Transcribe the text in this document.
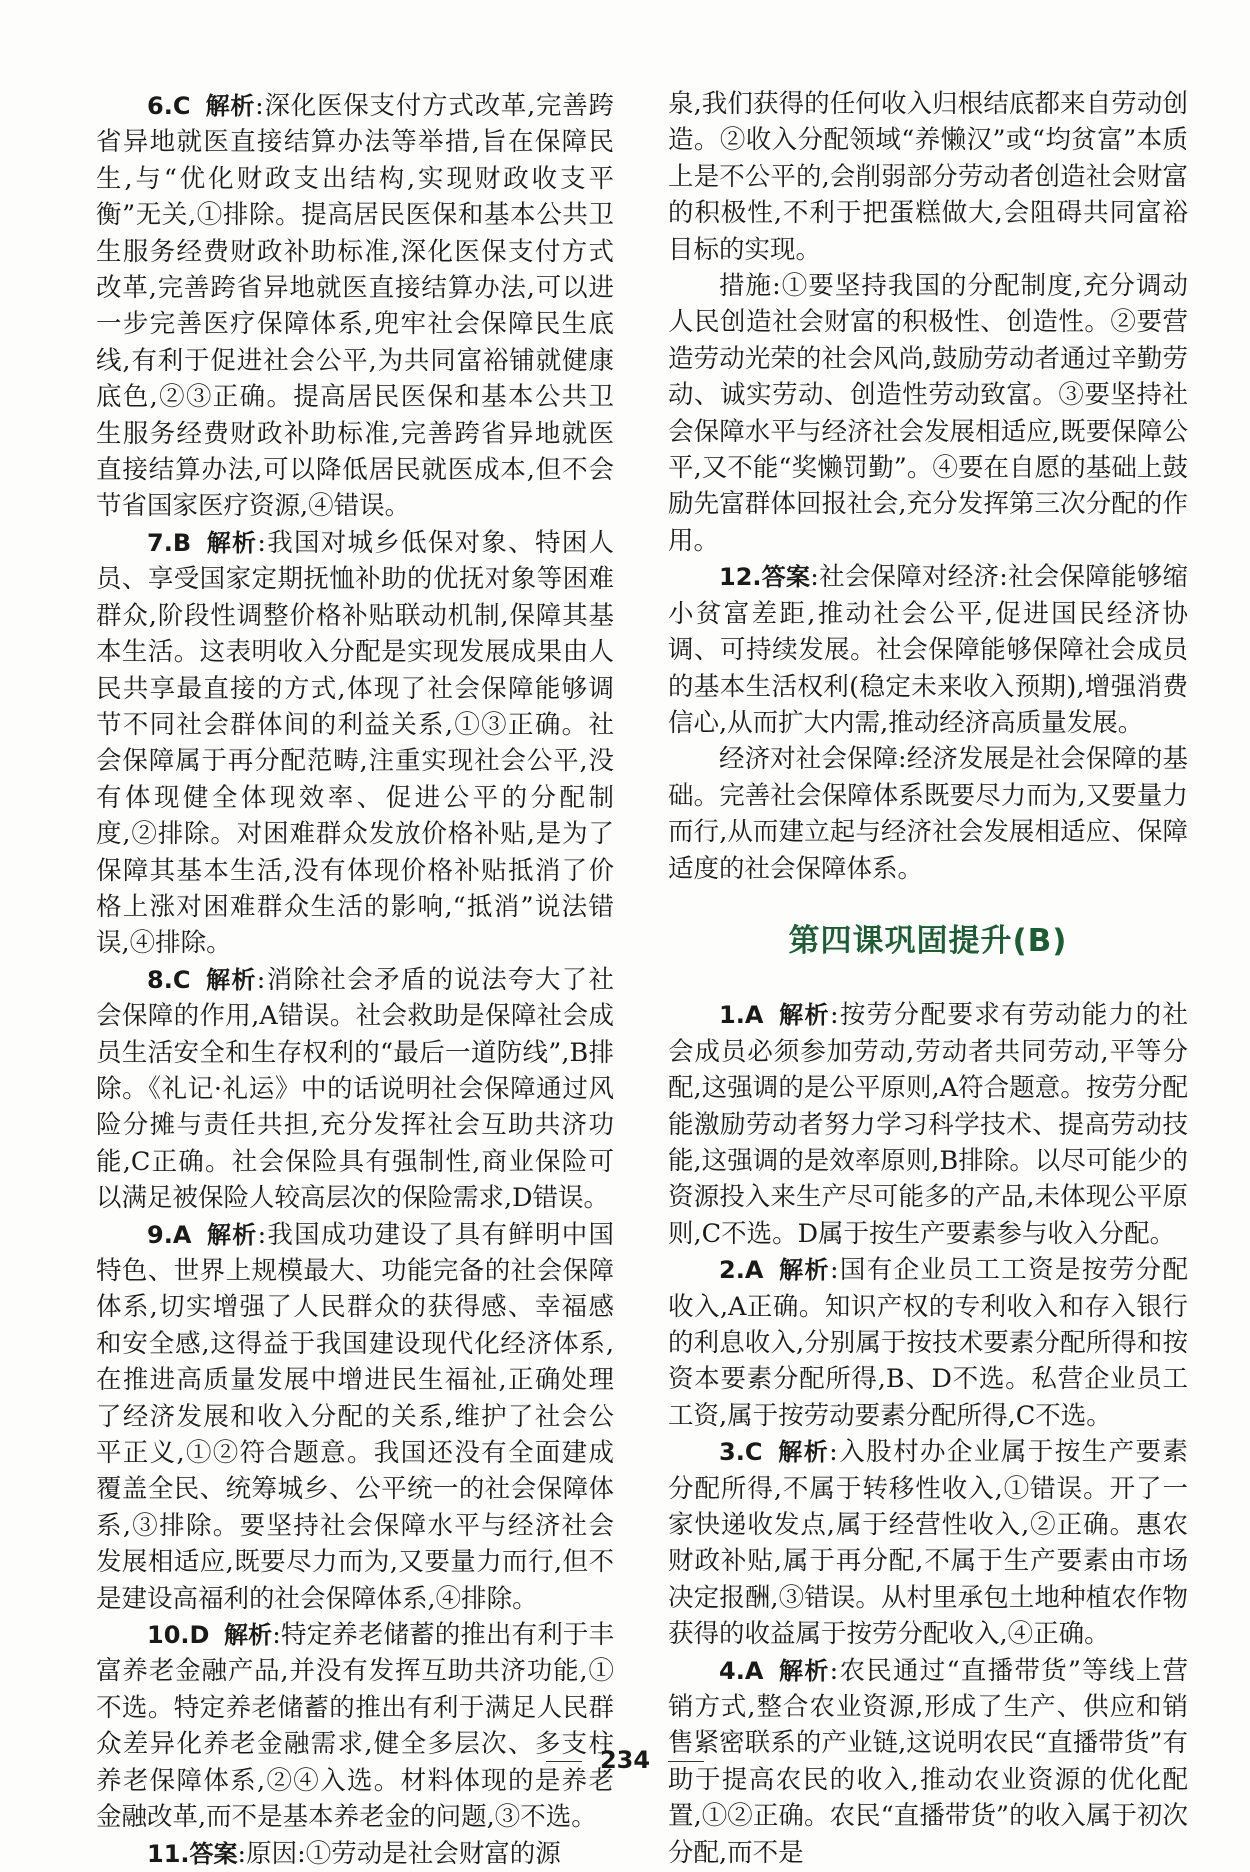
6.C 解析:深化医保支付方式改革,完善跨省异地就医直接结算办法等举措,旨在保障民生,与“优化财政支出结构,实现财政收支平衡”无关,①排除。提高居民医保和基本公共卫生服务经费财政补助标准,深化医保支付方式改革,完善跨省异地就医直接结算办法,可以进一步完善医疗保障体系,兜牢社会保障民生底线,有利于促进社会公平,为共同富裕铺就健康底色,②③正确。提高居民医保和基本公共卫生服务经费财政补助标准,完善跨省异地就医直接结算办法,可以降低居民就医成本,但不会节省国家医疗资源,④错误。

7.B 解析:我国对城乡低保对象、特困人员、享受国家定期抚恤补助的优抚对象等困难群众,阶段性调整价格补贴联动机制,保障其基本生活。这表明收入分配是实现发展成果由人民共享最直接的方式,体现了社会保障能够调节不同社会群体间的利益关系,①③正确。社会保障属于再分配范畴,注重实现社会公平,没有体现健全体现效率、促进公平的分配制度,②排除。对困难群众发放价格补贴,是为了保障其基本生活,没有体现价格补贴抵消了价格上涨对困难群众生活的影响,“抵消”说法错误,④排除。

8.C 解析:消除社会矛盾的说法夸大了社会保障的作用,A错误。社会救助是保障社会成员生活安全和生存权利的“最后一道防线”,B排除。《礼记·礼运》中的话说明社会保障通过风险分摊与责任共担,充分发挥社会互助共济功能,C正确。社会保险具有强制性,商业保险可以满足被保险人较高层次的保险需求,D错误。

9.A 解析:我国成功建设了具有鲜明中国特色、世界上规模最大、功能完备的社会保障体系,切实增强了人民群众的获得感、幸福感和安全感,这得益于我国建设现代化经济体系,在推进高质量发展中增进民生福祉,正确处理了经济发展和收入分配的关系,维护了社会公平正义,①②符合题意。我国还没有全面建成覆盖全民、统筹城乡、公平统一的社会保障体系,③排除。要坚持社会保障水平与经济社会发展相适应,既要尽力而为,又要量力而行,但不是建设高福利的社会保障体系,④排除。

10.D 解析:特定养老储蓄的推出有利于丰富养老金融产品,并没有发挥互助共济功能,①不选。特定养老储蓄的推出有利于满足人民群众差异化养老金融需求,健全多层次、多支柱养老保障体系,②④入选。材料体现的是养老金融改革,而不是基本养老金的问题,③不选。

11.答案:原因:①劳动是社会财富的源

泉,我们获得的任何收入归根结底都来自劳动创造。②收入分配领域“养懒汉”或“均贫富”本质上是不公平的,会削弱部分劳动者创造社会财富的积极性,不利于把蛋糕做大,会阻碍共同富裕目标的实现。

措施:①要坚持我国的分配制度,充分调动人民创造社会财富的积极性、创造性。②要营造劳动光荣的社会风尚,鼓励劳动者通过辛勤劳动、诚实劳动、创造性劳动致富。③要坚持社会保障水平与经济社会发展相适应,既要保障公平,又不能“奖懒罚勤”。④要在自愿的基础上鼓励先富群体回报社会,充分发挥第三次分配的作用。

12.答案:社会保障对经济:社会保障能够缩小贫富差距,推动社会公平,促进国民经济协调、可持续发展。社会保障能够保障社会成员的基本生活权利(稳定未来收入预期),增强消费信心,从而扩大内需,推动经济高质量发展。

经济对社会保障:经济发展是社会保障的基础。完善社会保障体系既要尽力而为,又要量力而行,从而建立起与经济社会发展相适应、保障适度的社会保障体系。

第四课巩固提升(B)

1.A 解析:按劳分配要求有劳动能力的社会成员必须参加劳动,劳动者共同劳动,平等分配,这强调的是公平原则,A符合题意。按劳分配能激励劳动者努力学习科学技术、提高劳动技能,这强调的是效率原则,B排除。以尽可能少的资源投入来生产尽可能多的产品,未体现公平原则,C不选。D属于按生产要素参与收入分配。

2.A 解析:国有企业员工工资是按劳分配收入,A正确。知识产权的专利收入和存入银行的利息收入,分别属于按技术要素分配所得和按资本要素分配所得,B、D不选。私营企业员工工资,属于按劳动要素分配所得,C不选。

3.C 解析:入股村办企业属于按生产要素分配所得,不属于转移性收入,①错误。开了一家快递收发点,属于经营性收入,②正确。惠农财政补贴,属于再分配,不属于生产要素由市场决定报酬,③错误。从村里承包土地种植农作物获得的收益属于按劳分配收入,④正确。

4.A 解析:农民通过“直播带货”等线上营销方式,整合农业资源,形成了生产、供应和销售紧密联系的产业链,这说明农民“直播带货”有助于提高农民的收入,推动农业资源的优化配置,①②正确。农民“直播带货”的收入属于初次分配,而不是

234
